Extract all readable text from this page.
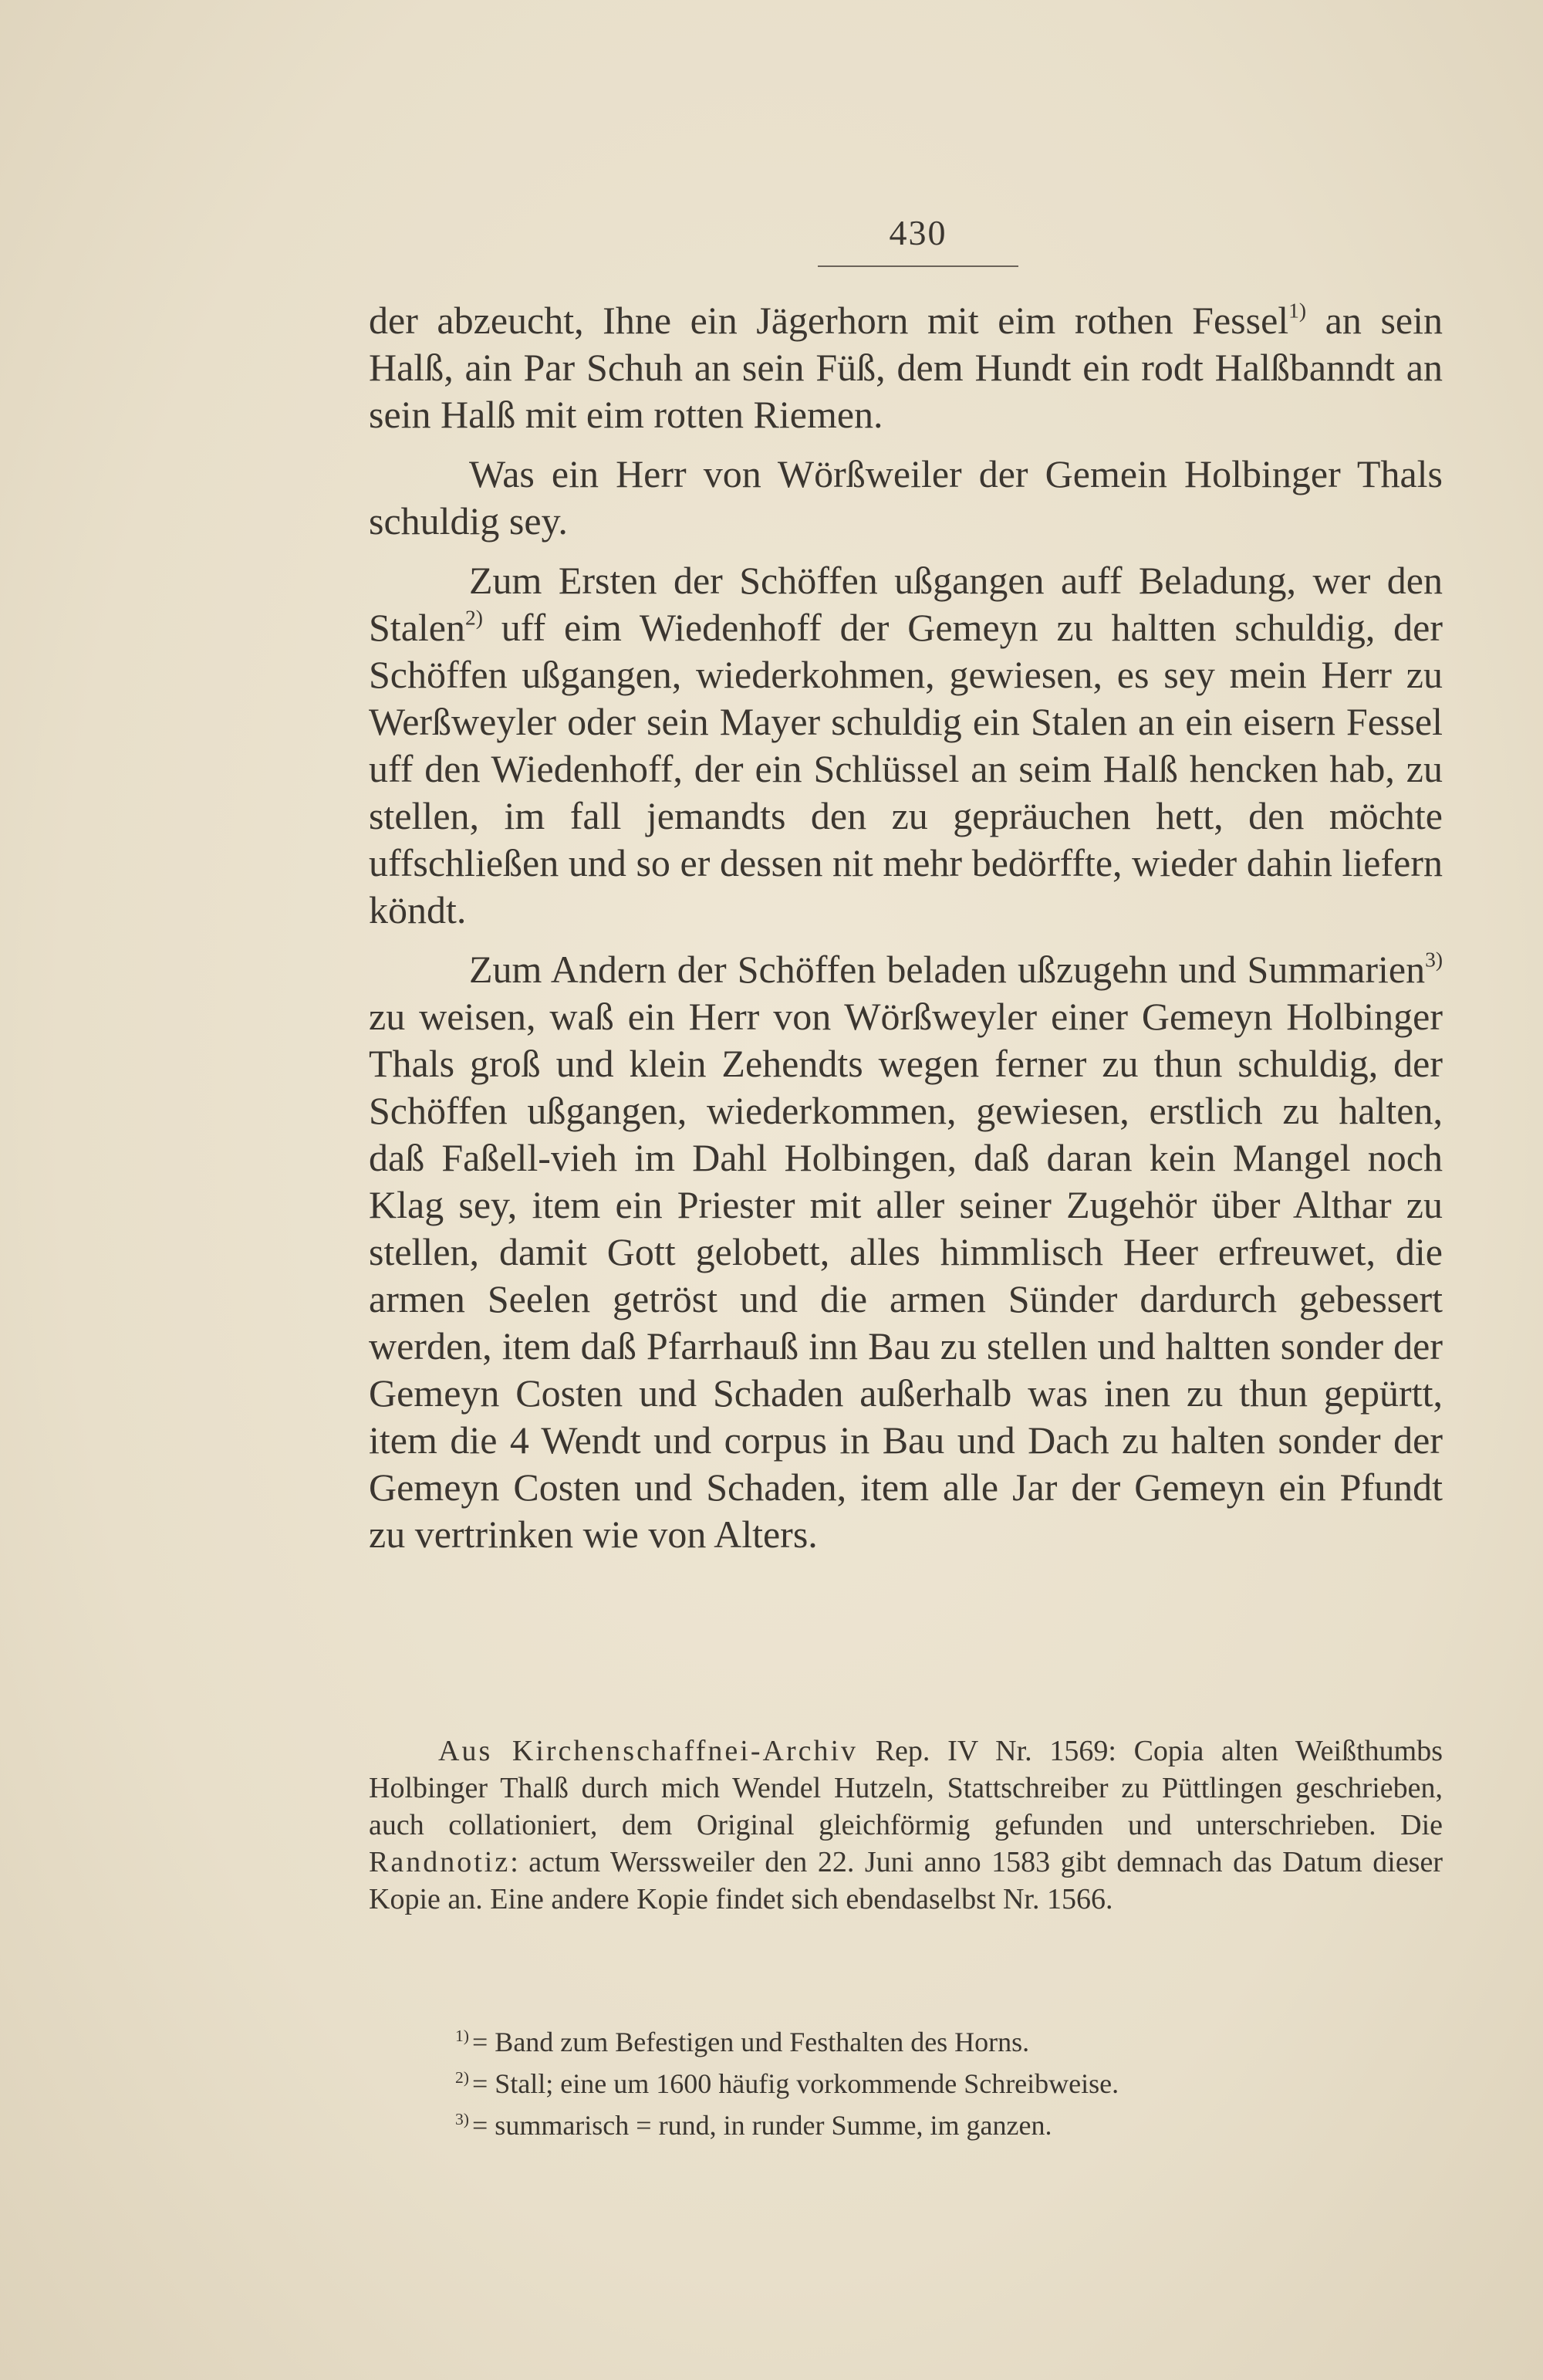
430

der abzeucht, Ihne ein Jägerhorn mit eim rothen Fessel$^{1)}$ an sein Halß, ain Par Schuh an sein Füß, dem Hundt ein rodt Halßbanndt an sein Halß mit eim rotten Riemen.

Was ein Herr von Wörßweiler der Gemein Holbinger Thals schuldig sey.

Zum Ersten der Schöffen ußgangen auff Beladung, wer den Stalen$^{2)}$ uff eim Wiedenhoff der Gemeyn zu haltten schuldig, der Schöffen ußgangen, wiederkohmen, gewiesen, es sey mein Herr zu Werßweyler oder sein Mayer schuldig ein Stalen an ein eisern Fessel uff den Wiedenhoff, der ein Schlüssel an seim Halß hencken hab, zu stellen, im fall jemandts den zu gepräuchen hett, den möchte uffschließen und so er dessen nit mehr bedörffte, wieder dahin liefern köndt.

Zum Andern der Schöffen beladen ußzugehn und Summarien$^{3)}$ zu weisen, waß ein Herr von Wörßweyler einer Gemeyn Holbinger Thals groß und klein Zehendts wegen ferner zu thun schuldig, der Schöffen ußgangen, wiederkommen, gewiesen, erstlich zu halten, daß Faßell-vieh im Dahl Holbingen, daß daran kein Mangel noch Klag sey, item ein Priester mit aller seiner Zugehör über Althar zu stellen, damit Gott gelobett, alles himmlisch Heer erfreuwet, die armen Seelen getröst und die armen Sünder dardurch gebessert werden, item daß Pfarrhauß inn Bau zu stellen und haltten sonder der Gemeyn Costen und Schaden außerhalb was inen zu thun gepürtt, item die 4 Wendt und corpus in Bau und Dach zu halten sonder der Gemeyn Costen und Schaden, item alle Jar der Gemeyn ein Pfundt zu vertrinken wie von Alters.

Aus Kirchenschaffnei-Archiv Rep. IV Nr. 1569: Copia alten Weißthumbs Holbinger Thalß durch mich Wendel Hutzeln, Stattschreiber zu Püttlingen geschrieben, auch collationiert, dem Original gleichförmig gefunden und unterschrieben. Die Randnotiz: actum Werssweiler den 22. Juni anno 1583 gibt demnach das Datum dieser Kopie an. Eine andere Kopie findet sich ebendaselbst Nr. 1566.

$^{1)}$ = Band zum Befestigen und Festhalten des Horns.
$^{2)}$ = Stall; eine um 1600 häufig vorkommende Schreibweise.
$^{3)}$ = summarisch = rund, in runder Summe, im ganzen.
